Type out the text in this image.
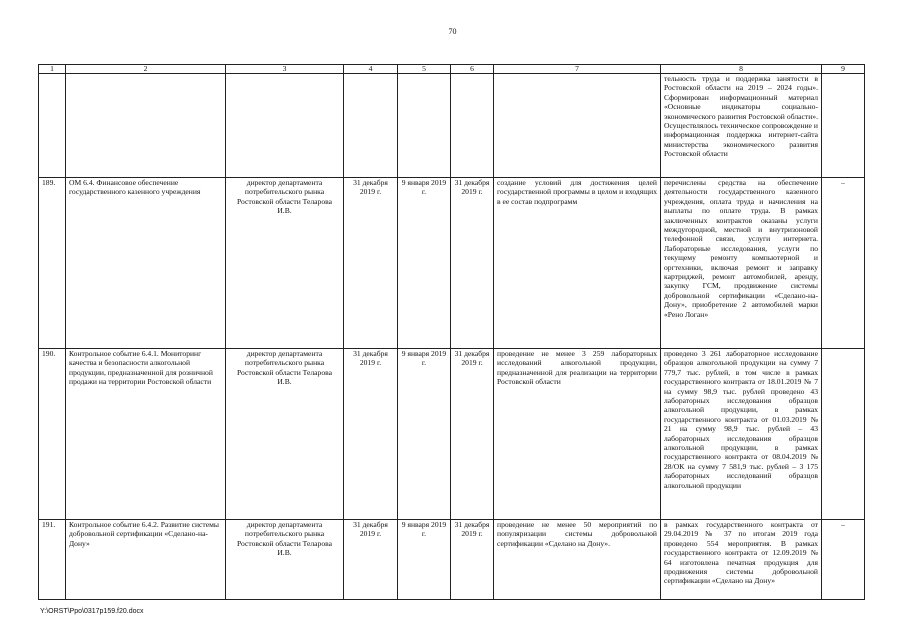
70
1	2	3	4	5	6	7	8	9
							тельность труда и поддержка занятости в Ростовской области на 2019 – 2024 годы». Сформирован информационный материал «Основные индикаторы социально-экономического развития Ростовской области». Осуществлялось техническое сопровождение и информационная поддержка интернет-сайта министерства экономического развития Ростовской области	
189.	ОМ 6.4. Финансовое обеспечение государственного казенного учреждения	директор департамента потребительского рынка Ростовской области Теларова И.В.	31 декабря 2019 г.	9 января 2019 г.	31 декабря 2019 г.	создание условий для достижения целей государственной программы в целом и входящих в ее состав подпрограмм	перечислены средства на обеспечение деятельности государственного казенного учреждения, оплата труда и начисления на выплаты по оплате труда. В рамках заключенных контрактов оказаны услуги междугородной, местной и внутризоновой телефонной связи, услуги интернета. Лабораторные исследования, услуги по текущему ремонту компьютерной и оргтехники, включая ремонт и заправку картриджей, ремонт автомобилей, аренду, закупку ГСМ, продвижение системы добровольной сертификации «Сделано-на-Дону», приобретение 2 автомобилей марки «Рено Логан»	–
190.	Контрольное событие 6.4.1. Мониторинг качества и безопасности алкогольной продукции, предназначенной для розничной продажи на территории Ростовской области	директор департамента потребительского рынка Ростовской области Теларова И.В.	31 декабря 2019 г.	9 января 2019 г.	31 декабря 2019 г.	проведение не менее 3 259 лабораторных исследований алкогольной продукции, предназначенной для реализации на территории Ростовской области	проведено 3 261 лабораторное исследование образцов алкогольной продукции на сумму 7 779,7 тыс. рублей, в том числе в рамках государственного контракта от 18.01.2019 № 7 на сумму 98,9 тыс. рублей проведено 43 лабораторных исследования образцов алкогольной продукции, в рамках государственного контракта от 01.03.2019 № 21 на сумму 98,9 тыс. рублей – 43 лабораторных исследования образцов алкогольной продукции, в рамках государственного контракта от 08.04.2019 № 28/ОК на сумму 7 581,9 тыс. рублей – 3 175 лабораторных исследований образцов алкогольной продукции	
191.	Контрольное событие 6.4.2. Развитие системы добровольной сертификации «Сделано-на-Дону»	директор департамента потребительского рынка Ростовской области Теларова И.В.	31 декабря 2019 г.	9 января 2019 г.	31 декабря 2019 г.	проведение не менее 50 мероприятий по популяризации системы добровольной сертификации «Сделано на Дону».	в рамках государственного контракта от 29.04.2019 № 37 по итогам 2019 года проведено 554 мероприятия. В рамках государственного контракта от 12.09.2019 № 64 изготовлена печатная продукция для продвижения системы добровольной сертификации «Сделано на Дону»	–
Y:\ORST\Ppo\0317p159.f20.docx
